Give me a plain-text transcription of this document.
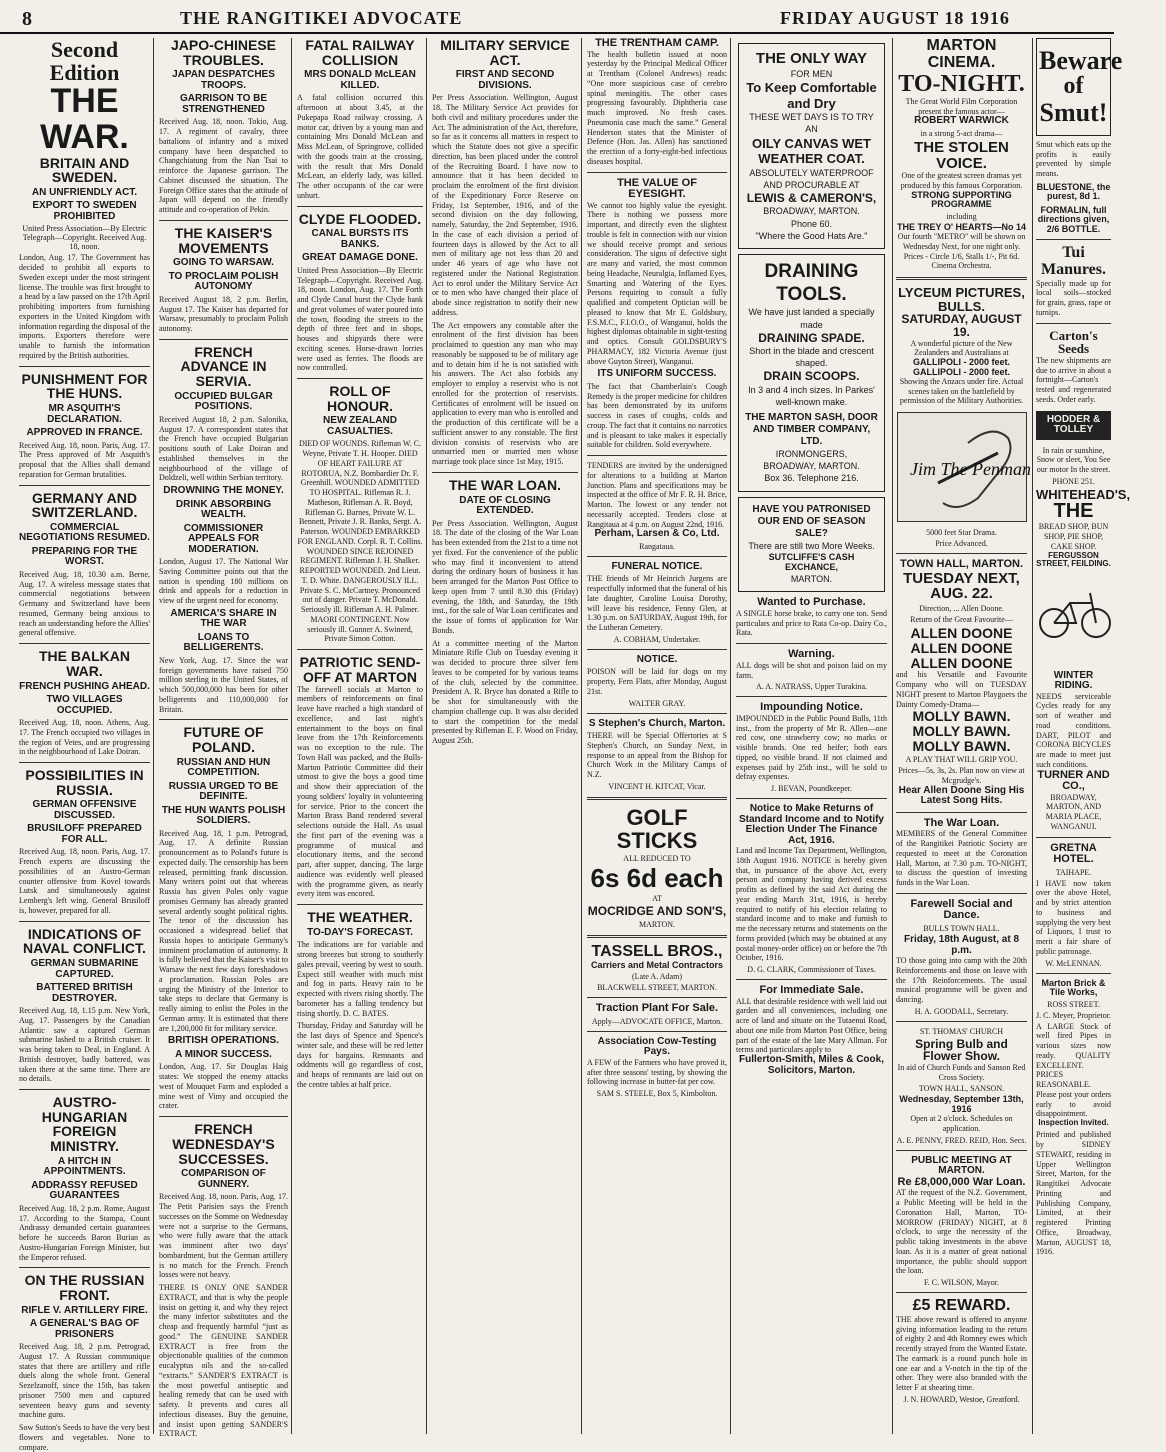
8	THE RANGITIKEI ADVOCATE	FRIDAY AUGUST 18 1916
Second Edition
THE WAR.
BRITAIN AND SWEDEN.
AN UNFRIENDLY ACT.
EXPORT TO SWEDEN PROHIBITED

United Press Association—By Electric Telegraph—Copyright. Received Aug. 18, noon.

London, Aug. 17. The Government has decided to prohibit all exports to Sweden except under the most stringent license. The trouble was first brought to a head by a law passed on the 17th April prohibiting importers from furnishing exporters in the United Kingdom with information regarding the disposal of the imports. Exporters therefore were unable to furnish the information required by the British authorities.

PUNISHMENT FOR THE HUNS.
MR ASQUITH'S DECLARATION.
APPROVED IN FRANCE.

Received Aug. 18, noon. Paris, Aug. 17. The Press approved of Mr Asquith's proposal that the Allies shall demand reparation for German brutalities.

GERMANY AND SWITZERLAND.
COMMERCIAL NEGOTIATIONS RESUMED.
PREPARING FOR THE WORST.

Received Aug. 18, 10.30 a.m. Berne, Aug. 17. A wireless message states that commercial negotiations between Germany and Switzerland have been resumed, Germany being anxious to reach an understanding before the Allies' general offensive.

THE BALKAN WAR.
FRENCH PUSHING AHEAD.
TWO VILLAGES OCCUPIED.

Received Aug. 18, noon. Athens, Aug. 17. The French occupied two villages in the region of Vetes, and are progressing in the neighbourhood of Lake Doiran.

POSSIBILITIES IN RUSSIA.
GERMAN OFFENSIVE DISCUSSED.
BRUSILOFF PREPARED FOR ALL.

Received Aug. 18, noon. Paris, Aug. 17. French experts are discussing the possibilities of an Austro-German counter offensive from Kovel towards Lutsk and simultaneously against Lemberg's left wing. General Brusiloff is, however, prepared for all.

INDICATIONS OF NAVAL CONFLICT.
GERMAN SUBMARINE CAPTURED.
BATTERED BRITISH DESTROYER.

Received Aug. 18, 1.15 p.m. New York, Aug. 17. Passengers by the Canadian Atlantic saw a captured German submarine lashed to a British cruiser. It was being taken to Deal, in England. A British destroyer, badly battered, was taken there at the same time. There are no details.

AUSTRO-HUNGARIAN FOREIGN MINISTRY.
A HITCH IN APPOINTMENTS.
ADDRASSY REFUSED GUARANTEES

Received Aug. 18, 2 p.m. Rome, August 17. According to the Stampa, Count Andrassy demanded certain guarantees before he succeeds Baron Burian as Austro-Hungarian Foreign Minister, but the Emperor refused.

ON THE RUSSIAN FRONT.
RIFLE V. ARTILLERY FIRE.
A GENERAL'S BAG OF PRISONERS

Received Aug. 18, 2 p.m. Petrograd, August 17. A Russian communique states that there are artillery and rifle duels along the whole front. General Sezelzanoff, since the 15th, has taken prisoner 7500 men and captured seventeen heavy guns and seventy machine guns.

Sow Sutton's Seeds to have the very best flowers and vegetables. None to compare.

JAPO-CHINESE TROUBLES.
JAPAN DESPATCHES TROOPS.
GARRISON TO BE STRENGTHENED

Received Aug. 18, noon. Tokio, Aug. 17. A regiment of cavalry, three battalions of infantry and a mixed company have been despatched to Changchiatung from the Nan Tsai to reinforce the Japanese garrison. The Cabinet discussed the situation. The Foreign Office states that the attitude of Japan will depend on the friendly attitude and co-operation of Pekin.

THE KAISER'S MOVEMENTS
GOING TO WARSAW.
TO PROCLAIM POLISH AUTONOMY

Received August 18, 2 p.m. Berlin, August 17. The Kaiser has departed for Warsaw, presumably to proclaim Polish autonomy.

FRENCH ADVANCE IN SERVIA.
OCCUPIED BULGAR POSITIONS.

Received August 18, 2 p.m. Salonika, August 17. A correspondent states that the French have occupied Bulgarian positions south of Lake Doiran and established themselves in the neighbourhood of the village of Doldzeli, well within Serbian territory.

DROWNING THE MONEY.
DRINK ABSORBING WEALTH.
COMMISSIONER APPEALS FOR MODERATION.

London, August 17. The National War Saving Committee points out that the nation is spending 180 millions on drink and appeals for a reduction in view of the urgent need for economy.

AMERICA'S SHARE IN THE WAR
LOANS TO BELLIGERENTS.

New York, Aug. 17. Since the war foreign governments have raised 750 million sterling in the United States, of which 500,000,000 has been for other belligerents and 110,000,000 for Britain.

FUTURE OF POLAND.
RUSSIAN AND HUN COMPETITION.
RUSSIA URGED TO BE DEFINITE.
THE HUN WANTS POLISH SOLDIERS.

Received Aug. 18, 1 p.m. Petrograd, Aug. 17. A definite Russian pronouncement as to Poland's future is expected daily. The censorship has been released, permitting frank discussion. Many writers point out that whereas Russia has given Poles only vague promises Germany has already granted several ardently sought political rights. The tenor of the discussion has occasioned a widespread belief that Russia hopes to anticipate Germany's imminent proclamation of autonomy. It is fully believed that the Kaiser's visit to Warsaw the next few days foreshadows a proclamation. Russian Poles are urging the Ministry of the Interior to take steps to declare that Germany is really aiming to enlist the Poles in the German army. It is estimated that there are 1,200,000 fit for military service.

BRITISH OPERATIONS.
A MINOR SUCCESS.

London, Aug. 17. Sir Douglas Haig states: We stopped the enemy attacks west of Mouquet Farm and exploded a mine west of Vimy and occupied the crater.

FRENCH WEDNESDAY'S SUCCESSES.
COMPARISON OF GUNNERY.

Received Aug. 18, noon. Paris, Aug. 17. The Petit Parisien says the French successes on the Somme on Wednesday were not a surprise to the Germans, who were fully aware that the attack was imminent after two days' bombardment, but the German artillery is no match for the French. French losses were not heavy.

THERE IS ONLY ONE SANDER EXTRACT, and that is why the people insist on getting it, and why they reject the many inferior substitutes and the cheap and frequently harmful “just as good.” The GENUINE SANDER EXTRACT is free from the objectionable qualities of the common eucalyptus oils and the so-called “extracts.” SANDER'S EXTRACT is the most powerful antiseptic and healing remedy that can be used with safety. It prevents and cures all infectious diseases. Buy the genuine, and insist upon getting SANDER'S EXTRACT.

FATAL RAILWAY COLLISION
MRS DONALD McLEAN KILLED.

A fatal collision occurred this afternoon at about 3.45, at the Pukepapa Road railway crossing. A motor car, driven by a young man and containing Mrs Donald McLean and Miss McLean, of Springrove, collided with the goods train at the crossing, with the result that Mrs Donald McLean, an elderly lady, was killed. The other occupants of the car were unhurt.

CLYDE FLOODED.
CANAL BURSTS ITS BANKS.
GREAT DAMAGE DONE.

United Press Association—By Electric Telegraph—Copyright. Received Aug. 18, noon. London, Aug. 17. The Forth and Clyde Canal burst the Clyde bank and great volumes of water poured into the town, flooding the streets to the depth of three feet and in shops, houses and shipyards there were exciting scenes. Horse-drawn lorries were used as ferries. The floods are now controlled.

ROLL OF HONOUR.
NEW ZEALAND CASUALTIES.

DIED OF WOUNDS. Rifleman W. C. Weyne, Private T. H. Hooper. DIED OF HEART FAILURE AT ROTORUA, N.Z. Bombardier Dr. F. Greenhill. WOUNDED ADMITTED TO HOSPITAL. Rifleman R. J. Matheson, Rifleman A. R. Boyd, Rifleman G. Barnes, Private W. L. Bennett, Private J. R. Banks, Sergt. A. Paterson. WOUNDED EMBARKED FOR ENGLAND. Corpl. R. T. Collins. WOUNDED SINCE REJOINED REGIMENT. Rifleman J. H. Shalker. REPORTED WOUNDED. 2nd Lieut. T. D. White. DANGEROUSLY ILL. Private S. C. McCartney. Pronounced out of danger. Private T. McDonald. Seriously ill. Rifleman A. H. Palmer. MAORI CONTINGENT. Now seriously ill. Gunner A. Swinerd, Private Simon Cotton.

PATRIOTIC SEND-OFF AT MARTON

The farewell socials at Marton to members of reinforcements on final leave have reached a high standard of excellence, and last night's entertainment to the boys on final leave from the 17th Reinforcements was no exception to the rule. The Town Hall was packed, and the Bulls-Marton Patriotic Committee did their utmost to give the boys a good time and show their appreciation of the young soldiers' loyalty in volunteering for service. Prior to the concert the Marton Brass Band rendered several selections outside the Hall. As usual the first part of the evening was a programme of musical and elocutionary items, and the second part, after supper, dancing. The large audience was evidently well pleased with the programme given, as nearly every item was encored.

THE WEATHER.
TO-DAY'S FORECAST.

The indications are for variable and strong breezes but strong to southerly gales prevail, veering by west to south. Expect still weather with much mist and fog in parts. Heavy rain to be expected with rivers rising shortly. The barometer has a falling tendency but rising shortly. D. C. BATES.

Thursday, Friday and Saturday will be the last days of Spence and Spence's winter sale, and these will be red letter days for bargains. Remnants and oddments will go regardless of cost, and heaps of remnants are laid out on the centre tables at half price.

MILITARY SERVICE ACT.
FIRST AND SECOND DIVISIONS.

Per Press Association. Wellington, August 18. The Military Service Act provides for both civil and military procedures under the Act. The administration of the Act, therefore, so far as it concerns all matters in respect to which the Statute does not give a specific direction, has been placed under the control of the Recruiting Board. I have now to announce that it has been decided to proclaim the enrolment of the first division of the Expeditionary Force Reserve on Friday, 1st September, 1916, and of the second division on the day following, namely, Saturday, the 2nd September, 1916. In the case of each division a period of fourteen days is allowed by the Act to all men of military age not less than 20 and under 46 years of age who have not registered under the National Registration Act to enrol under the Military Service Act or to men who have changed their place of abode since registration to notify their new address.

The Act empowers any constable after the enrolment of the first division has been proclaimed to question any man who may reasonably be supposed to be of military age and to detain him if he is not satisfied with his answers. The Act also forbids any employer to employ a reservist who is not enrolled for the protection of reservists. Certificates of enrolment will be issued on application to every man who is enrolled and the production of this certificate will be a sufficient answer to any constable. The first division consists of reservists who are unmarried men or married men whose marriage took place since 1st May, 1915.

THE WAR LOAN.
DATE OF CLOSING EXTENDED.

Per Press Association. Wellington, August 18. The date of the closing of the War Loan has been extended from the 21st to a time not yet fixed. For the convenience of the public who may find it inconvenient to attend during the ordinary hours of business it has been arranged for the Marton Post Office to keep open from 7 until 8.30 this (Friday) evening, the 18th, and Saturday, the 19th inst., for the sale of War Loan certificates and the issue of forms of application for War Bonds.

At a committee meeting of the Marton Miniature Rifle Club on Tuesday evening it was decided to procure three silver fern leaves to be competed for by various teams of the club, selected by the committee. President A. R. Bryce has donated a Rifle to be shot for simultaneously with the champion challenge cup. It was also decided to start the competition for the medal presented by Rifleman E. F. Wood on Friday, August 25th.

THE TRENTHAM CAMP.

The health bulletin issued at noon yesterday by the Principal Medical Officer at Trentham (Colonel Andrews) reads: “One more suspicious case of cerebro spinal meningitis. The other cases progressing favourably. Diphtheria case much improved. No fresh cases. Pneumonia case much the same.” General Henderson states that the Minister of Defence (Hon. Jas. Allen) has sanctioned the erection of a forty-eight-bed infectious diseases hospital.

THE VALUE OF EYESIGHT.

We cannot too highly value the eyesight. There is nothing we possess more important, and directly even the slightest trouble is felt in connection with our vision we should receive prompt and serious consideration. The signs of defective sight are many and varied, the most common being Headache, Neuralgia, Inflamed Eyes, Smarting and Watering of the Eyes. Persons requiring to consult a fully qualified and competent Optician will be pleased to know that Mr E. Goldsbury, F.S.M.C., F.I.O.O., of Wanganui, holds the highest diplomas obtainable in sight-testing and optics. Consult GOLDSBURY'S PHARMACY, 182 Victoria Avenue (just above Guyton Street), Wanganui.

ITS UNIFORM SUCCESS.

The fact that Chamberlain's Cough Remedy is the proper medicine for children has been demonstrated by its uniform success in cases of coughs, colds and croup. The fact that it contains no narcotics and is pleasant to take makes it especially suitable for children. Sold everywhere.

TENDERS are invited by the undersigned for alterations to a building at Marton Junction. Plans and specifications may be inspected at the office of Mr F. R. H. Brice, Marton. The lowest or any tender not necessarily accepted. Tenders close at Rangitaua at 4 p.m. on August 22nd, 1916.

Perham, Larsen & Co, Ltd.
Rangataua.
FUNERAL NOTICE.

THE friends of Mr Heinrich Jurgens are respectfully informed that the funeral of his late daughter, Caroline Louisa Dorothy, will leave his residence, Fenny Glen, at 1.30 p.m. on SATURDAY, August 19th, for the Lutheran Cemetery.

A. COBHAM, Undertaker.
NOTICE.

POISON will be laid for dogs on my property, Fern Flats, after Monday, August 21st.

WALTER GRAY.
S Stephen's Church, Marton.

THERE will be Special Offertories at S Stephen's Church, on Sunday Next, in response to an appeal from the Bishop for Church Work in the Military Camps of N.Z.

VINCENT H. KITCAT, Vicar.
GOLF STICKS
ALL REDUCED TO
6s 6d each
AT
MOCRIDGE AND SON'S,
MARTON.
TASSELL BROS.,
Carriers and Metal Contractors
(Late A. Adam)
BLACKWELL STREET, MARTON.
Traction Plant For Sale.
Apply—ADVOCATE OFFICE, Marton.
Association Cow-Testing Pays.

A FEW of the Farmers who have proved it, after three seasons' testing, by showing the following increase in butter-fat per cow.

SAM S. STEELE, Box 5, Kimbolton.
THE ONLY WAY
FOR MEN
To Keep Comfortable and Dry
THESE WET DAYS IS TO TRY AN
OILY CANVAS WET WEATHER COAT.
ABSOLUTELY WATERPROOF AND PROCURABLE AT
LEWIS & CAMERON'S,
BROADWAY, MARTON.
Phone 60.
"Where the Good Hats Are."
DRAINING TOOLS.
We have just landed a specially made
DRAINING SPADE.
Short in the blade and crescent shaped.
DRAIN SCOOPS.
In 3 and 4 inch sizes. In Parkes' well-known make.
THE MARTON SASH, DOOR AND TIMBER COMPANY, LTD.
IRONMONGERS,
BROADWAY, MARTON.
Box 36. Telephone 216.
HAVE YOU PATRONISED OUR END OF SEASON SALE?
There are still two More Weeks.
SUTCLIFFE'S CASH EXCHANCE,
MARTON.
Wanted to Purchase.

A SINGLE horse brake, to carry one ton. Send particulars and price to Rata Co-op. Dairy Co., Rata.

Warning.

ALL dogs will be shot and poison laid on my farm.

A. A. NATRASS, Upper Turakina.
Impounding Notice.

IMPOUNDED in the Public Pound Bulls, 11th inst., from the property of Mr R. Allen—one red cow, one strawberry cow; no marks or visible brands. One red heifer; both ears tipped, no visible brand. If not claimed and expenses paid by 25th inst., will be sold to defray expenses.

J. BEVAN, Poundkeeper.
Notice to Make Returns of Standard Income and to Notify Election Under The Finance Act, 1916.

Land and Income Tax Department, Wellington, 18th August 1916. NOTICE is hereby given that, in pursuance of the above Act, every person and company having derived excess profits as defined by the said Act during the year ending March 31st, 1916, is hereby required to notify of his election relating to standard income and to make and furnish to me the necessary returns and statements on the forms provided (which may be obtained at any postal money-order office) on or before the 7th October, 1916.

D. G. CLARK, Commissioner of Taxes.
For Immediate Sale.

ALL that desirable residence with well laid out garden and all conveniences, including one acre of land and situate on the Tutaenui Road, about one mile from Marton Post Office, being part of the estate of the late Mary Allman. For terms and particulars apply to

Fullerton-Smith, Miles & Cook, Solicitors, Marton.
MARTON CINEMA.
TO-NIGHT.

The Great World Film Corporation present the famous actor—

ROBERT WARWICK
in a strong 5-act drama—
THE STOLEN VOICE.

One of the greatest screen dramas yet produced by this famous Corporation.

STRONG SUPPORTING PROGRAMME
including
THE TREY O' HEARTS—No 14

Our fourth "METRO" will be shown on Wednesday Next, for one night only.

Prices - Circle 1/6, Stalls 1/-, Pit 6d. Cinema Orchestra.

LYCEUM PICTURES, BULLS.
SATURDAY, AUGUST 19.

A wonderful picture of the New Zealanders and Australians at

GALLIPOLI - 2000 feet.
GALLIPOLI - 2000 feet.

Showing the Anzacs under fire. Actual scenes taken on the battlefield by permission of the Military Authorities.

Jim The Penman
5000 feet Star Drama.
Price Advanced.
TOWN HALL, MARTON.
TUESDAY NEXT, AUG. 22.
Direction, ... Allen Doone.
Return of the Great Favourite—
ALLEN DOONE
ALLEN DOONE
ALLEN DOONE

and his Versatile and Favourite Company who will on TUESDAY NIGHT present to Marton Playgoers the Dainty Comedy-Drama—

MOLLY BAWN.
MOLLY BAWN.
MOLLY BAWN.
A PLAY THAT WILL GRIP YOU.

Prices—5s, 3s, 2s. Plan now on view at Mcgrudge's.

Hear Allen Doone Sing His Latest Song Hits.
The War Loan.

MEMBERS of the General Committee of the Rangitikei Patriotic Society are requested to meet at the Coronation Hall, Marton, at 7.30 p.m. TO-NIGHT, to discuss the question of investing funds in the War Loan.

Farewell Social and Dance.
BULLS TOWN HALL.
Friday, 18th August, at 8 p.m.

TO those going into camp with the 20th Reinforcements and those on leave with the 17th Reinforcements. The usual musical programme will be given and dancing.

H. A. GOODALL, Secretary.
ST. THOMAS' CHURCH
Spring Bulb and Flower Show.

In aid of Church Funds and Sanson Red Cross Society.

TOWN HALL, SANSON.
Wednesday, September 13th, 1916

Open at 2 o'clock. Schedules on application.

A. E. PENNY, FRED. REID, Hon. Secs.
PUBLIC MEETING AT MARTON.
Re £8,000,000 War Loan.

AT the request of the N.Z. Government, a Public Meeting will be held in the Coronation Hall, Marton, TO-MORROW (FRIDAY) NIGHT, at 8 o'clock, to urge the necessity of the public taking investments in the above loan. As it is a matter of great national importance, the public should support the loan.

F. C. WILSON, Mayor.
£5 REWARD.

THE above reward is offered to anyone giving information leading to the return of eighty 2 and 4th Romney ewes which recently strayed from the Wanted Estate. The earmark is a round punch hole in one ear and a V-notch in the tip of the other. They were also branded with the letter F at shearing time.

J. N. HOWARD, Westoe, Greatford.
Beware
of
Smut!

Smut which eats up the profits is easily prevented by simple means.

BLUESTONE, the purest, 8d 1.
FORMALIN, full directions given, 2/6 BOTTLE.
Tui Manures.

Specially made up for local soils—stocked for grain, grass, rape or turnips.

Carton's Seeds

The new shipments are due to arrive in about a fortnight—Carton's tested and regenerated seeds. Order early.

HODDER & TOLLEY

In rain or sunshine, Snow or sleet, You See our motor In the street.

PHONE 251.
WHITEHEAD'S,
THE

BREAD SHOP, BUN SHOP, PIE SHOP, CAKE SHOP.

FERGUSSON STREET, FEILDING.
WINTER RIDING.

NEEDS serviceable Cycles ready for any sort of weather and road conditions. DART, PILOT and CORONA BICYCLES are made to meet just such conditions.

TURNER AND CO.,

BROADWAY, MARTON, AND MARIA PLACE, WANGANUI.

GRETNA HOTEL.
TAIHAPE.

I HAVE now taken over the above Hotel, and by strict attention to business and supplying the very best of Liquors, I trust to merit a fair share of public patronage.

W. McLENNAN.
Marton Brick & Tile Works,
ROSS STREET.
J. C. Meyer, Proprietor.

A LARGE Stock of well fired Pipes in various sizes now ready. QUALITY EXCELLENT. PRICES REASONABLE.

Please post your orders early to avoid disappointment.

Inspection Invited.

Printed and published by SIDNEY STEWART, residing in Upper Wellington Street, Marton, for the Rangitikei Advocate Printing and Publishing Company, Limited, at their registered Printing Office, Broadway, Marton, AUGUST 18, 1916.
